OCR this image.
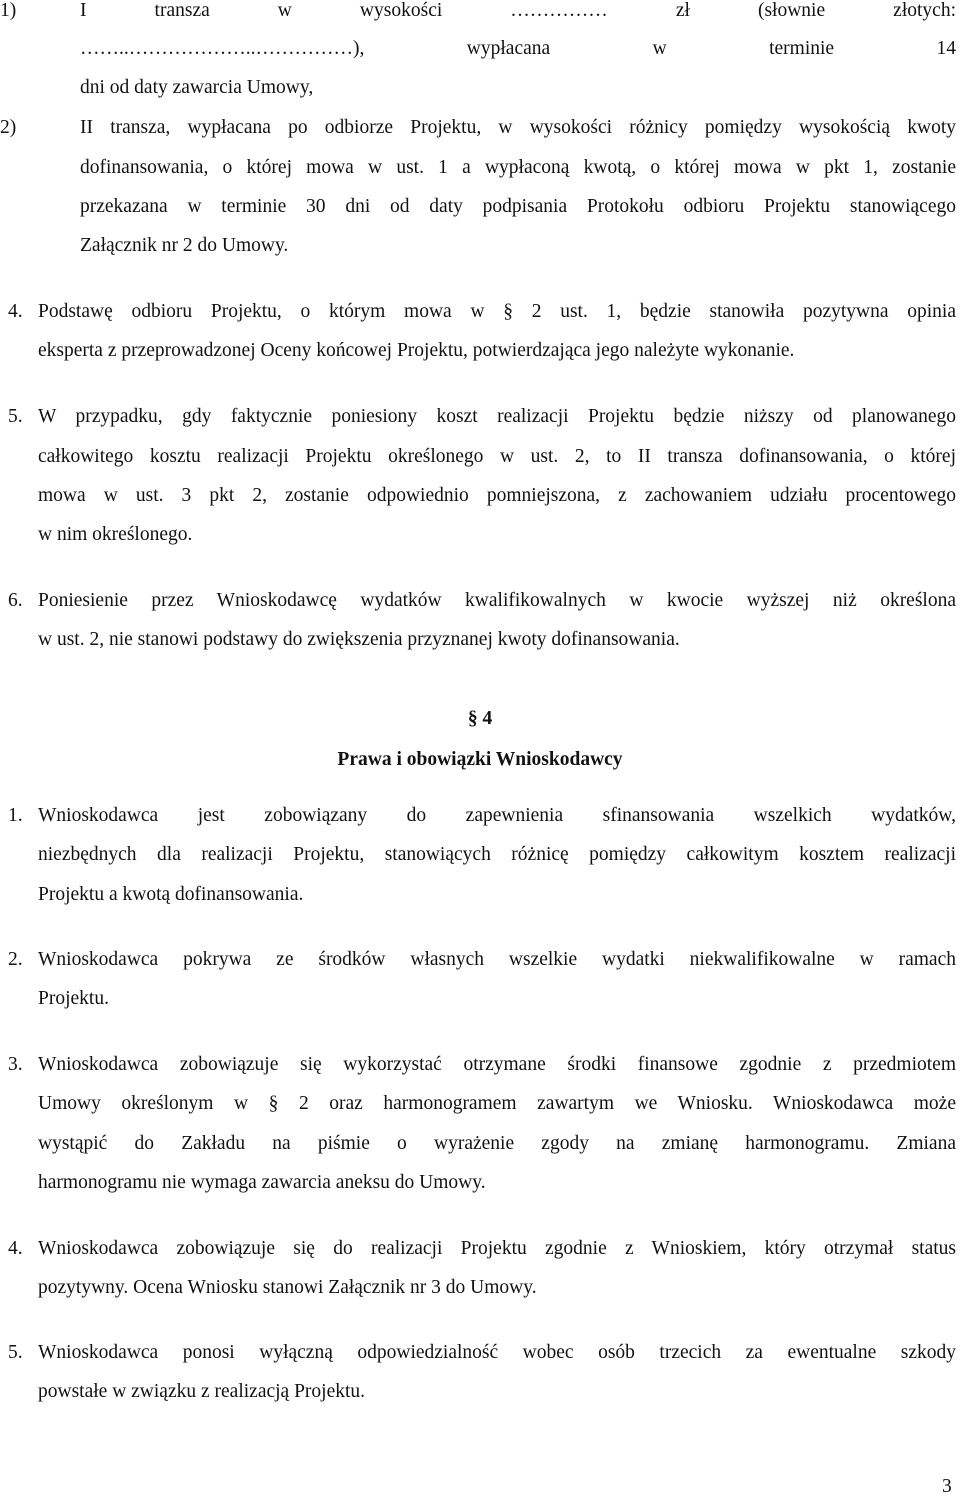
1)	I transza w wysokości …………… zł (słownie złotych:
……..………………..……………), wypłacana w terminie 14
dni od daty zawarcia Umowy,
2)	II transza, wypłacana po odbiorze Projektu, w wysokości różnicy pomiędzy wysokością kwoty
dofinansowania, o której mowa w ust. 1 a wypłaconą kwotą, o której mowa w pkt 1, zostanie
przekazana w terminie 30 dni od daty podpisania Protokołu odbioru Projektu stanowiącego
Załącznik nr 2 do Umowy.
4. Podstawę odbioru Projektu, o którym mowa w § 2 ust. 1, będzie stanowiła pozytywna opinia
eksperta z przeprowadzonej Oceny końcowej Projektu, potwierdzająca jego należyte wykonanie.
5. W przypadku, gdy faktycznie poniesiony koszt realizacji Projektu będzie niższy od planowanego
całkowitego kosztu realizacji Projektu określonego w ust. 2, to II transza dofinansowania, o której
mowa w ust. 3 pkt 2, zostanie odpowiednio pomniejszona, z zachowaniem udziału procentowego
w nim określonego.
6. Poniesienie przez Wnioskodawcę wydatków kwalifikowalnych w kwocie wyższej niż określona
w ust. 2, nie stanowi podstawy do zwiększenia przyznanej kwoty dofinansowania.
§ 4
Prawa i obowiązki Wnioskodawcy
1. Wnioskodawca jest zobowiązany do zapewnienia sfinansowania wszelkich wydatków,
niezbędnych dla realizacji Projektu, stanowiących różnicę pomiędzy całkowitym kosztem realizacji
Projektu a kwotą dofinansowania.
2. Wnioskodawca pokrywa ze środków własnych wszelkie wydatki niekwalifikowalne w ramach
Projektu.
3. Wnioskodawca zobowiązuje się wykorzystać otrzymane środki finansowe zgodnie z przedmiotem
Umowy określonym w § 2 oraz harmonogramem zawartym we Wniosku. Wnioskodawca może
wystąpić do Zakładu na piśmie o wyrażenie zgody na zmianę harmonogramu. Zmiana
harmonogramu nie wymaga zawarcia aneksu do Umowy.
4. Wnioskodawca zobowiązuje się do realizacji Projektu zgodnie z Wnioskiem, który otrzymał status
pozytywny. Ocena Wniosku stanowi Załącznik nr 3 do Umowy.
5. Wnioskodawca ponosi wyłączną odpowiedzialność wobec osób trzecich za ewentualne szkody
powstałe w związku z realizacją Projektu.
3
